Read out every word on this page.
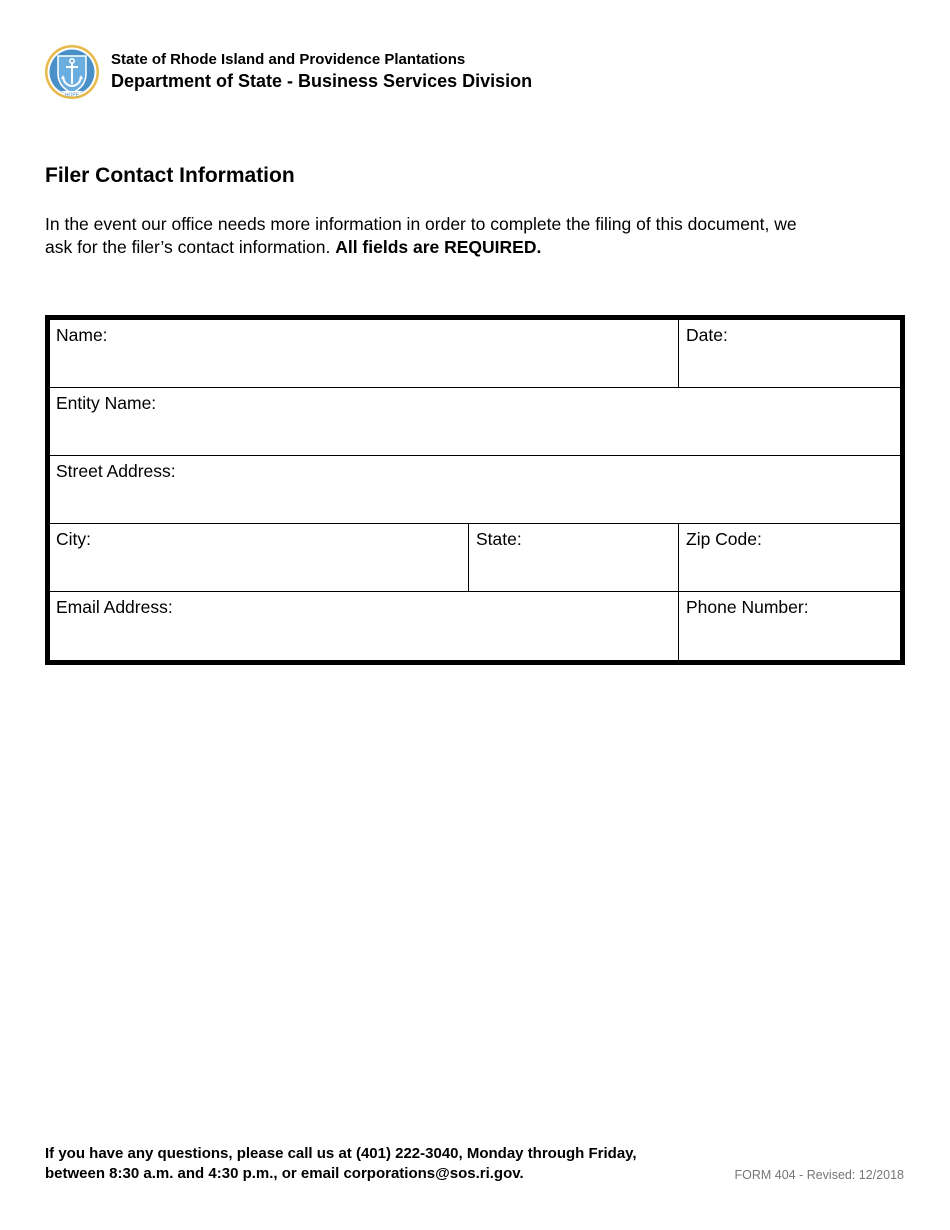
HOPE
State of Rhode Island and Providence Plantations
Department of State - Business Services Division
Filer Contact Information

In the event our office needs more information in order to complete the filing of this document, we ask for the filer’s contact information. All fields are REQUIRED.

Name:	Date:
Entity Name:
Street Address:
City:	State:	Zip Code:
Email Address:	Phone Number:

If you have any questions, please call us at (401) 222-3040, Monday through Friday, between 8:30 a.m. and 4:30 p.m., or email corporations@sos.ri.gov.	FORM 404 - Revised: 12/2018
